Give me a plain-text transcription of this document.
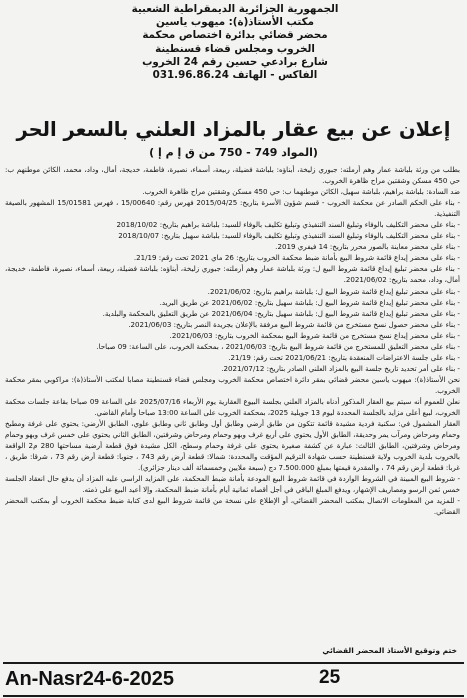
الجمهورية الجزائرية الديمقراطية الشعبية
مكتب الأستاذ(ة): ميهوب ياسين
محضر قضائي بدائرة اختصاص محكمة
الخروب ومجلس قضاء قسنطينة
شارع برادعي حسين رقم 24 الخروب
الفاكس - الهاتف 031.96.86.24
إعلان عن بيع عقار بالمزاد العلني بالسعر الحر
(المواد 749 - 750 من ق إ م إ )

بطلب من ورثة بلباشة عمار وهم أرملته: جبوري زليخة، أبناؤه: بلباشة فضيلة، ربيعة، أسماء، نصيرة، فاطمة، خديجة، أمال، وداد، محمد، الكائن موطنهم ب: حي 450 مسكن وشقتين مراح ظاهرة الخروب.

ضد السادة: بلباشة براهيم، بلباشة سهيل، الكائن موطنهما ب: حي 450 مسكن وشقتين مراح ظاهرة الخروب.

- بناء على الحكم الصادر عن محكمة الخروب - قسم شؤون الأسرة بتاريخ: 2015/04/25 فهرس رقم: 15/00640 ، فهرس 15/01581 المشهور بالصيغة التنفيذية.

- بناء على محضر التكليف بالوفاء وتبليغ السند التنفيذي وتبليغ تكليف بالوفاء للسيد: بلباشة براهيم بتاريخ: 2018/10/02

- بناء على محضر التكليف بالوفاء وتبليغ السند التنفيذي وتبليغ تكليف بالوفاء للسيد: بلباشة سهيل بتاريخ: 2018/10/07

- بناء على محضر معاينة بالصور محرر بتاريخ: 14 فيفري 2019.

- بناء على محضر إيداع قائمة شروط البيع بأمانة ضبط محكمة الخروب بتاريخ: 26 ماي 2021 تحت رقم: 21/19.

- بناء على محضر تبليغ إيداع قائمة شروط البيع ل: ورثة بلباشة عمار وهم أرملته: جبوري زليخة، أبناؤه: بلباشة فضيلة، ربيعة، أسماء، نصيرة، فاطمة، خديجة، أمال، وداد، محمد بتاريخ: 2021/06/02.

- بناء على محضر تبليغ إيداع قائمة شروط البيع ل: بلباشة براهيم بتاريخ: 2021/06/02.

- بناء على محضر تبليغ إيداع قائمة شروط البيع ل: بلباشة سهيل بتاريخ: 2021/06/02 عن طريق البريد.

- بناء على محضر تبليغ إيداع قائمة شروط البيع ل: بلباشة سهيل بتاريخ: 2021/06/04 عن طريق التعليق بالمحكمة والبلدية.

- بناء على محضر حصول نسخ مستخرج من قائمة شروط البيع مرفقة بالإعلان بجريدة النصر بتاريخ: 2021/06/03.

- بناء على محضر إيداع نسخ مستخرج من قائمة شروط البيع بمحكمة الخروب بتاريخ: 2021/06/03.

- بناء على محضر التعليق للمستخرج من قائمة شروط البيع بتاريخ: 2021/06/03 ، بمحكمة الخروب، على الساعة: 09 صباحا.

- بناء على جلسة الاعتراضات المنعقدة بتاريخ: 2021/06/21 تحت رقم: 21/19.

- بناء على أمر تحديد تاريخ جلسة البيع بالمزاد العلني الصادر بتاريخ: 2021/07/12.

نحن الأستاذ(ة): ميهوب ياسين محضر قضائي بمقر دائرة اختصاص محكمة الخروب ومجلس قضاء قسنطينة مصابا لمكتب الأستاذ(ة): مراكوبي بمقر محكمة الخروب.

نعلن للعموم أنه سيتم بيع العقار المذكور أدناه بالمزاد العلني بجلسة البيوع العقارية يوم الأربعاء 2025/07/16 على الساعة 09 صباحا بقاعة جلسات محكمة الخروب، لبيع أعلى مزايد بالجلسة المحددة ليوم 13 جويلية 2025، بمحكمة الخروب على الساعة 13:00 صباحا وأمام القاضي.

العقار المشمول في: سكنية فردية مشيدة قائمة تتكون من طابق أرضي وطابق أول وطابق ثاني وطابق علوي، الطابق الأرضي: يحتوي على غرفة ومطبخ وحمام ومرحاض ومرآب يمر وحديقة، الطابق الأول يحتوي على أربع غرف وبهو وحمام ومرحاض وشرفتين، الطابق الثاني يحتوي على خمس غرف وبهو وحمام ومرحاض وشرفتين، الطابق الثالث: عبارة عن كشفة صغيرة يحتوي على غرفة وحمام وسطح، الكل مشيدة فوق قطعة أرضية مساحتها 280 م2 الواقعة بالخروب بلدية الخروب ولاية قسنطينة حسب شهادة الترقيم المؤقت والمحددة: شمالا: قطعة أرض رقم 743 ، جنوبا: قطعة أرض رقم 73 ، شرقا: طريق ، غربا: قطعة أرض رقم 74 ، والمقدرة قيمتها بمبلغ 7.500.000 دج (سبعة ملايين وخمسمائة ألف دينار جزائري).

- شروط البيع المبينة في الشروط الواردة في قائمة شروط البيع المودعة بأمانة ضبط المحكمة، على المزايد الراسي عليه المزاد أن يدفع حال انعقاد الجلسة خمس ثمن الرسو ومصاريف الإشهار، ويدفع المبلغ الباقي في أجل أقصاه ثمانية أيام بأمانة ضبط المحكمة، وإلا أعيد البيع على ذمته.

- للمزيد من المعلومات الاتصال بمكتب المحضر القضائي، أو الإطلاع على نسخة من قائمة شروط البيع لدى كتابة ضبط محكمة الخروب أو بمكتب المحضر القضائي.

ختم وتوقيع الأستاذ المحضر القضائي
An-Nasr24-6-2025	25
